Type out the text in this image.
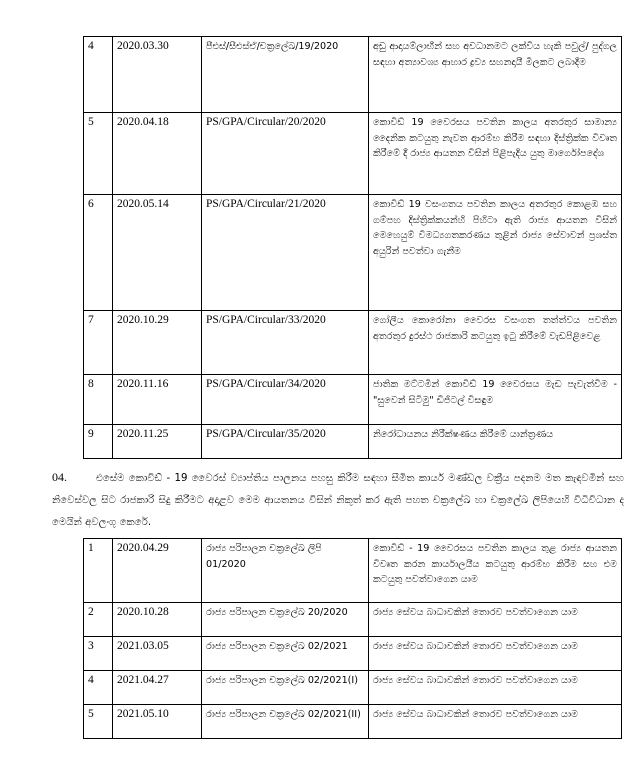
4	2020.03.30	පීඑස්/සීඑස්ඒ/චක්‍රලේඛ/19/2020	අඩු ආදායම්ලාභීන් සහ අවධානමට ලක්විය හැකි පවුල්/ පුද්ගල සඳහා අත්‍යාවශ්‍ය ආහාර ද්‍රව්‍ය සහනදායී මිලකට ලබාදීම
5	2020.04.18	PS/GPA/Circular/20/2020	කොවිඩ් 19 වෛරසය පවතින කාලය අතරතුර සාමාන්‍ය දෛනික කටයුතු නැවත ආරම්භ කිරීම සඳහා දිස්ත්‍රික්ක විවෘත කිරීමේ දී රාජ්‍ය ආයතන විසින් පිළිපැදිය යුතු මාර්ගෝපදේශ
6	2020.05.14	PS/GPA/Circular/21/2020	කොවිඩ් 19 වසංගතය පවතින කාලය අතරතුර කොළඹ සහ ගම්පහ දිස්ත්‍රික්කයන්හි පිහිටා ඇති රාජ්‍ය ආයතන විසින් මෙහෙයුම් විමධ්‍යගතකරණය තුළින් රාජ්‍ය සේවාවන් ප්‍රශස්ත අයුරින් පවත්වා ගැනීම
7	2020.10.29	PS/GPA/Circular/33/2020	ගෝලීය කොරෝනා වෛරස වසංගත තත්ත්වය පවතින අතරතුර දුරස්ථ රාජකාරි කටයුතු ඉටු කිරීමේ වැඩපිළිවෙළ
8	2020.11.16	PS/GPA/Circular/34/2020	ජාතික මට්ටමින් කොවිඩ් 19 වෛරසය මැඩ පැවැත්වීම - "සුවෙන් සිටිමු" ඩිජිටල් විසඳුම
9	2020.11.25	PS/GPA/Circular/35/2020	නිරෝධායනය නිරීක්ෂණය කිරීමේ යාන්ත්‍රණය
04.	එසේම කොවිඩ් - 19 වෛරස් ව්‍යාප්තිය පාලනය පහසු කිරීම සඳහා සීමිත කාර්ය මණ්ඩල වක්‍රීය පදනම මත කැඳවමින් සහ නිවෙස්වල සිට රාජකාරි සිදු කිරීමට අදාළව මෙම ආයතනය විසින් නිකුත් කර ඇති පහත චක්‍රලේඛ හා චක්‍රලේඛ ලිපියෙහි විධිවිධාන ද මෙයින් අවලංගු කෙරේ.
1	2020.04.29	රාජ්‍ය පරිපාලන චක්‍රලේඛ ලිපි 01/2020	කොවිඩ් - 19 වෛරසය පවතින කාලය තුළ රාජ්‍ය ආයතන විවෘත කරන කාර්යාලයීය කටයුතු ආරම්භ කිරීම සහ එම කටයුතු පවත්වාගෙන යාම
2	2020.10.28	රාජ්‍ය පරිපාලන චක්‍රලේඛ 20/2020	රාජ්‍ය සේවය බාධාවකින් තොරව පවත්වාගෙන යාම
3	2021.03.05	රාජ්‍ය පරිපාලන චක්‍රලේඛ 02/2021	රාජ්‍ය සේවය බාධාවකින් තොරව පවත්වාගෙන යාම
4	2021.04.27	රාජ්‍ය පරිපාලන චක්‍රලේඛ 02/2021(I)	රාජ්‍ය සේවය බාධාවකින් තොරව පවත්වාගෙන යාම
5	2021.05.10	රාජ්‍ය පරිපාලන චක්‍රලේඛ 02/2021(II)	රාජ්‍ය සේවය බාධාවකින් තොරව පවත්වාගෙන යාම
